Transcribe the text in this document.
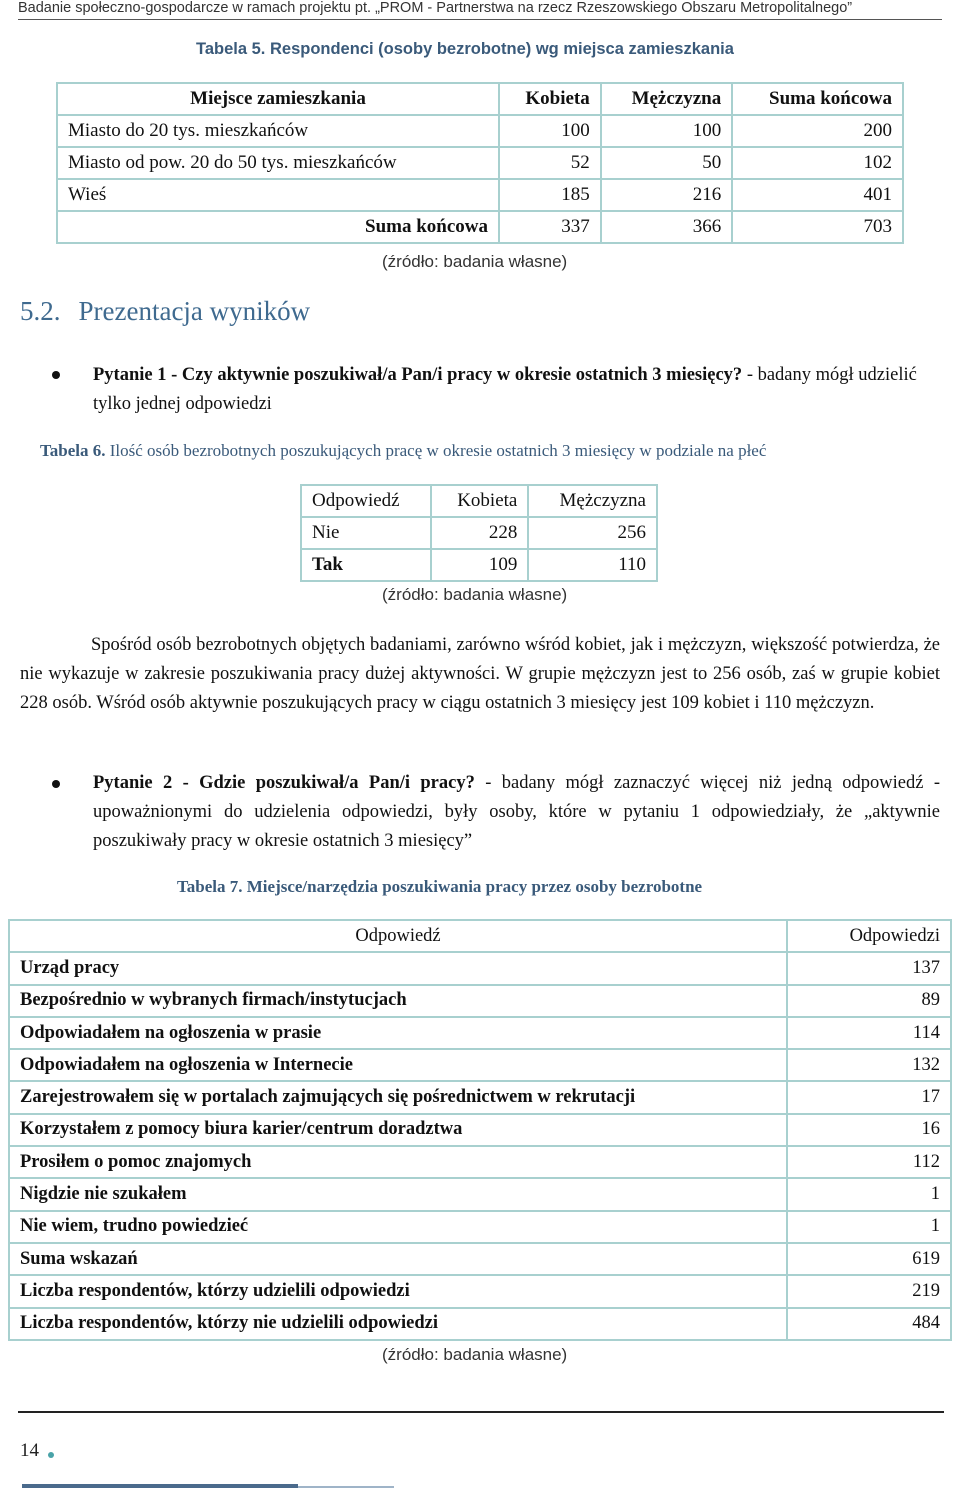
Badanie społeczno-gospodarcze w ramach projektu pt. „PROM - Partnerstwa na rzecz Rzeszowskiego Obszaru Metropolitalnego”
Tabela 5. Respondenci (osoby bezrobotne) wg miejsca zamieszkania
Miejsce zamieszkania	Kobieta	Mężczyzna	Suma końcowa
Miasto do 20 tys. mieszkańców	100	100	200
Miasto od pow. 20 do 50 tys. mieszkańców	52	50	102
Wieś	185	216	401
Suma końcowa	337	366	703
(źródło: badania własne)
5.2. Prezentacja wyników
Pytanie 1 - Czy aktywnie poszukiwał/a Pan/i pracy w okresie ostatnich 3 miesięcy? - badany mógł udzielić tylko jednej odpowiedzi
Tabela 6. Ilość osób bezrobotnych poszukujących pracę w okresie ostatnich 3 miesięcy w podziale na płeć
Odpowiedź	Kobieta	Mężczyzna
Nie	228	256
Tak	109	110
(źródło: badania własne)
Spośród osób bezrobotnych objętych badaniami, zarówno wśród kobiet, jak i mężczyzn, większość potwierdza, że nie wykazuje w zakresie poszukiwania pracy dużej aktywności. W grupie mężczyzn jest to 256 osób, zaś w grupie kobiet 228 osób. Wśród osób aktywnie poszukujących pracy w ciągu ostatnich 3 miesięcy jest 109 kobiet i 110 mężczyzn.
Pytanie 2 - Gdzie poszukiwał/a Pan/i pracy? - badany mógł zaznaczyć więcej niż jedną odpowiedź - upoważnionymi do udzielenia odpowiedzi, były osoby, które w pytaniu 1 odpowiedziały, że „aktywnie poszukiwały pracy w okresie ostatnich 3 miesięcy”
Tabela 7. Miejsce/narzędzia poszukiwania pracy przez osoby bezrobotne
Odpowiedź	Odpowiedzi
Urząd pracy	137
Bezpośrednio w wybranych firmach/instytucjach	89
Odpowiadałem na ogłoszenia w prasie	114
Odpowiadałem na ogłoszenia w Internecie	132
Zarejestrowałem się w portalach zajmujących się pośrednictwem w rekrutacji	17
Korzystałem z pomocy biura karier/centrum doradztwa	16
Prosiłem o pomoc znajomych	112
Nigdzie nie szukałem	1
Nie wiem, trudno powiedzieć	1
Suma wskazań	619
Liczba respondentów, którzy udzielili odpowiedzi	219
Liczba respondentów, którzy nie udzielili odpowiedzi	484
(źródło: badania własne)
14
